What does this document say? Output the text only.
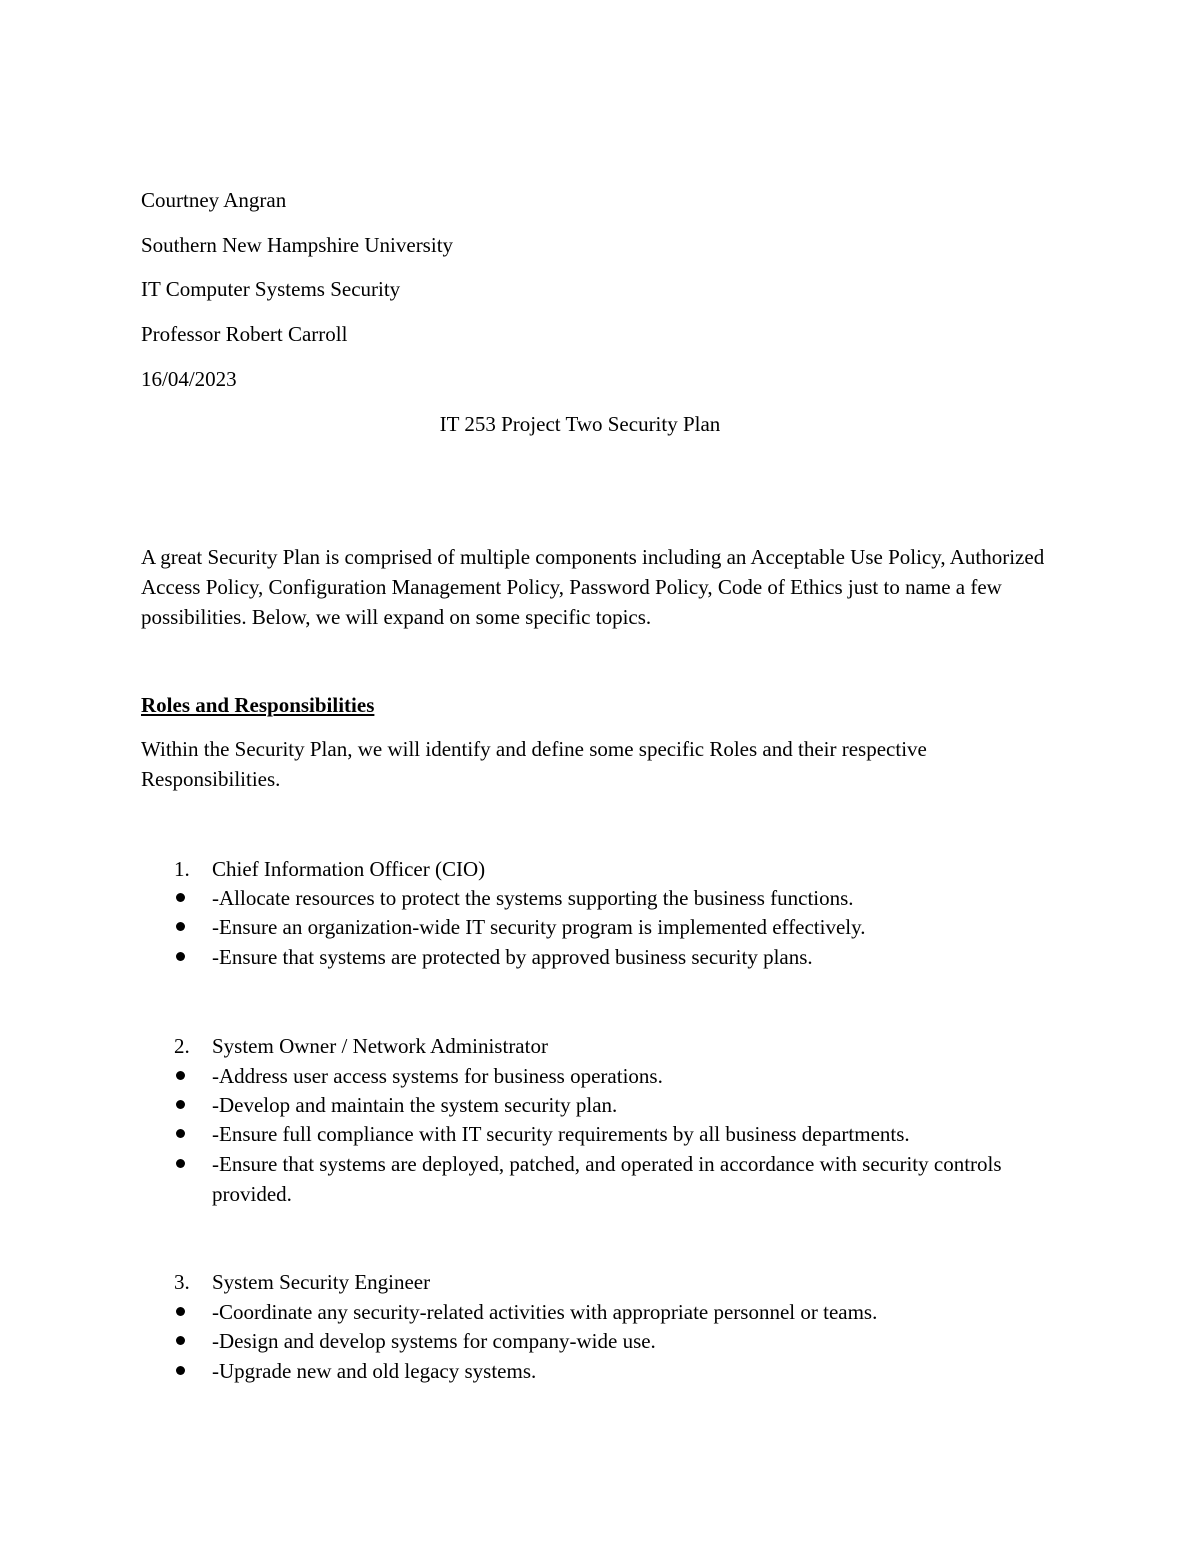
Courtney Angran
Southern New Hampshire University
IT Computer Systems Security
Professor Robert Carroll
16/04/2023
IT 253 Project Two Security Plan
A great Security Plan is comprised of multiple components including an Acceptable Use Policy, Authorized Access Policy, Configuration Management Policy, Password Policy, Code of Ethics just to name a few possibilities. Below, we will expand on some specific topics.
Roles and Responsibilities
Within the Security Plan, we will identify and define some specific Roles and their respective Responsibilities.
1. Chief Information Officer (CIO)
-Allocate resources to protect the systems supporting the business functions.
-Ensure an organization-wide IT security program is implemented effectively.
-Ensure that systems are protected by approved business security plans.
2. System Owner / Network Administrator
-Address user access systems for business operations.
-Develop and maintain the system security plan.
-Ensure full compliance with IT security requirements by all business departments.
-Ensure that systems are deployed, patched, and operated in accordance with security controls provided.
3. System Security Engineer
-Coordinate any security-related activities with appropriate personnel or teams.
-Design and develop systems for company-wide use.
-Upgrade new and old legacy systems.
